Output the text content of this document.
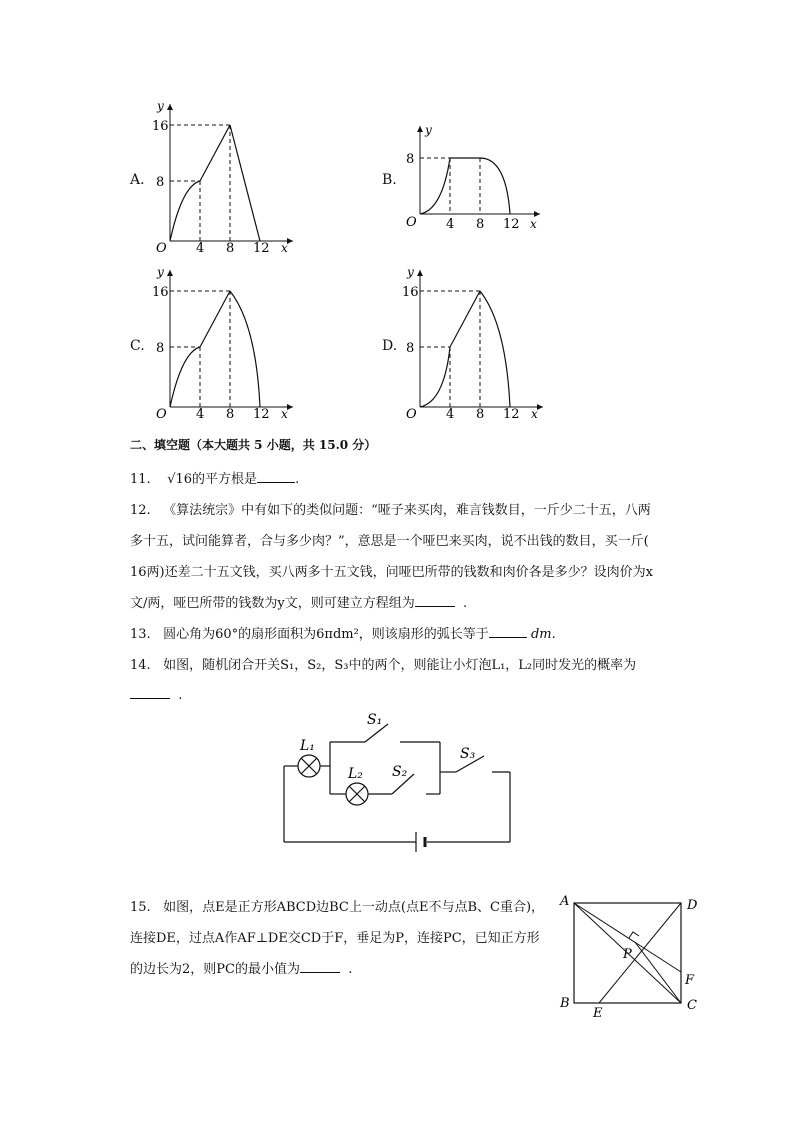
A.
y
16
8
O 4 8 12 x
B.
y
8
O 4 8 12 x
C.
y
16
8
O 4 8 12 x
D.
y
16
8
O 4 8 12 x
二、填空题（本大题共 5 小题，共 15.0 分）
11. √16的平方根是	.
12. 《算法统宗》中有如下的类似问题：“哑子来买肉，难言钱数目，一斤少二十五，八两
多十五，试问能算者，合与多少肉？”，意思是一个哑巴来买肉，说不出钱的数目，买一斤(
16两)还差二十五文钱，买八两多十五文钱，问哑巴所带的钱数和肉价各是多少？设肉价为x
文/两，哑巴所带的钱数为y文，则可建立方程组为	.
13. 圆心角为60°的扇形面积为6πdm²，则该扇形的弧长等于	dm.
14. 如图，随机闭合开关S₁，S₂，S₃中的两个，则能让小灯泡L₁，L₂同时发光的概率为
.
S₁
L₁
L₂ S₂
S₃
15. 如图，点E是正方形ABCD边BC上一动点(点E不与点B、C重合)，
连接DE，过点A作AF⊥DE交CD于F，垂足为P，连接PC，已知正方形
的边长为2，则PC的最小值为	.
A	D
B	C
E
F
P
